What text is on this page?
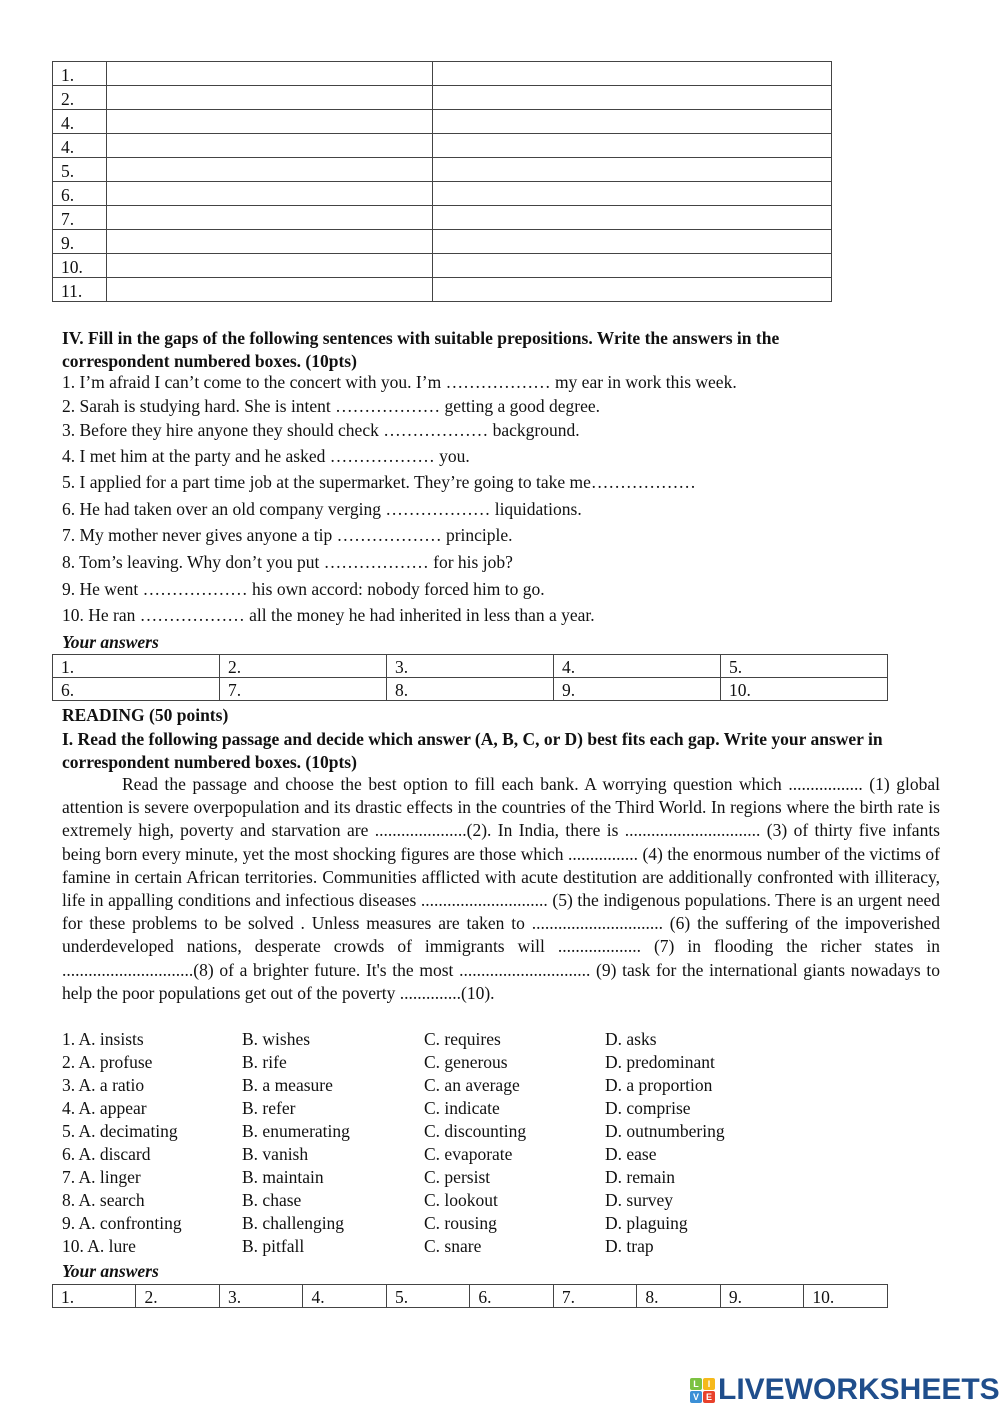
1.		
2.		
4.		
4.		
5.		
6.		
7.		
9.		
10.		
11.		
IV. Fill in the gaps of the following sentences with suitable prepositions. Write the answers in the
correspondent numbered boxes. (10pts)
1. I’m afraid I can’t come to the concert with you. I’m ……………… my ear in work this week.
2. Sarah is studying hard. She is intent ……………… getting a good degree.
3. Before they hire anyone they should check ……………… background.
4. I met him at the party and he asked ……………… you.
5. I applied for a part time job at the supermarket. They’re going to take me………………
6. He had taken over an old company verging ……………… liquidations.
7. My mother never gives anyone a tip ……………… principle.
8. Tom’s leaving. Why don’t you put ……………… for his job?
9. He went ……………… his own accord: nobody forced him to go.
10. He ran ……………… all the money he had inherited in less than a year.
Your answers
1.	2.	3.	4.	5.
6.	7.	8.	9.	10.
READING (50 points)
I. Read the following passage and decide which answer (A, B, C, or D) best fits each gap. Write your answer in correspondent numbered boxes. (10pts)
Read the passage and choose the best option to fill each bank. A worrying question which ................. (1) global attention is severe overpopulation and its drastic effects in the countries of the Third World. In regions where the birth rate is extremely high, poverty and starvation are .....................(2). In India, there is ............................... (3) of thirty five infants being born every minute, yet the most shocking figures are those which ................ (4) the enormous number of the victims of famine in certain African territories. Communities afflicted with acute destitution are additionally confronted with illiteracy, life in appalling conditions and infectious diseases ............................. (5) the indigenous populations. There is an urgent need for these problems to be solved . Unless measures are taken to .............................. (6) the suffering of the impoverished underdeveloped nations, desperate crowds of immigrants will ................... (7) in flooding the richer states in ..............................(8) of a brighter future. It's the most .............................. (9) task for the international giants nowadays to help the poor populations get out of the poverty ..............(10).
1. A. insists	B. wishes	C. requires	D. asks
2. A. profuse	B. rife	C. generous	D. predominant
3. A. a ratio	B. a measure	C. an average	D. a proportion
4. A. appear	B. refer	C. indicate	D. comprise
5. A. decimating	B. enumerating	C. discounting	D. outnumbering
6. A. discard	B. vanish	C. evaporate	D. ease
7. A. linger	B. maintain	C. persist	D. remain
8. A. search	B. chase	C. lookout	D. survey
9. A. confronting	B. challenging	C. rousing	D. plaguing
10. A. lure	B. pitfall	C. snare	D. trap
Your answers
1.	2.	3.	4.	5.	6.	7.	8.	9.	10.
L I
V E LIVEWORKSHEETS
